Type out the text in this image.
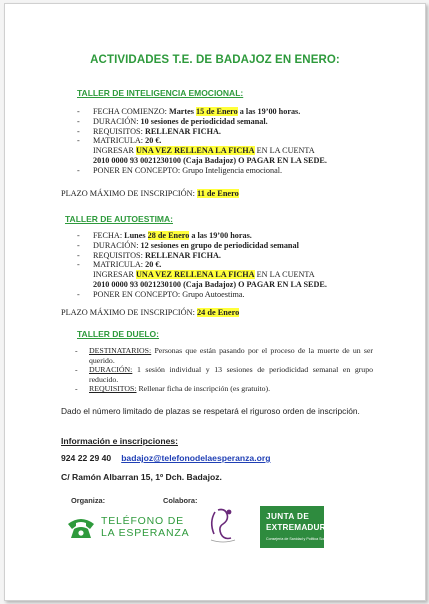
ACTIVIDADES T.E. DE BADAJOZ EN ENERO:
TALLER DE INTELIGENCIA EMOCIONAL:
- FECHA COMIENZO: Martes 15 de Enero a las 19’00 horas.
- DURACIÓN: 10 sesiones de periodicidad semanal.
- REQUISITOS: RELLENAR FICHA.
- MATRICULA: 20 €.
INGRESAR UNA VEZ RELLENA LA FICHA EN LA CUENTA
2010 0000 93 0021230100 (Caja Badajoz) O PAGAR EN LA SEDE.
- PONER EN CONCEPTO: Grupo Inteligencia emocional.
PLAZO MÁXIMO DE INSCRIPCIÓN: 11 de Enero
TALLER DE AUTOESTIMA:
- FECHA: Lunes 28 de Enero a las 19’00 horas.
- DURACIÓN: 12 sesiones en grupo de periodicidad semanal
- REQUISITOS: RELLENAR FICHA.
- MATRICULA: 20 €.
INGRESAR UNA VEZ RELLENA LA FICHA EN LA CUENTA
2010 0000 93 0021230100 (Caja Badajoz) O PAGAR EN LA SEDE.
- PONER EN CONCEPTO: Grupo Autoestima.
PLAZO MÁXIMO DE INSCRIPCIÓN: 24 de Enero
TALLER DE DUELO:
- DESTINATARIOS: Personas que están pasando por el proceso de la muerte de un ser querido.
- DURACIÓN: 1 sesión individual y 13 sesiones de periodicidad semanal en grupo reducido.
- REQUISITOS: Rellenar ficha de inscripción (es gratuito).
Dado el número limitado de plazas se respetará el riguroso orden de inscripción.
Información e inscripciones:
924 22 29 40 badajoz@telefonodelaesperanza.org
C/ Ramón Albarran 15, 1º Dch. Badajoz.
Organiza:	Colabora:
TELÉFONO DE
LA ESPERANZA
JUNTA DE
EXTREMADURA
Consejería de Sanidad y Política Social
